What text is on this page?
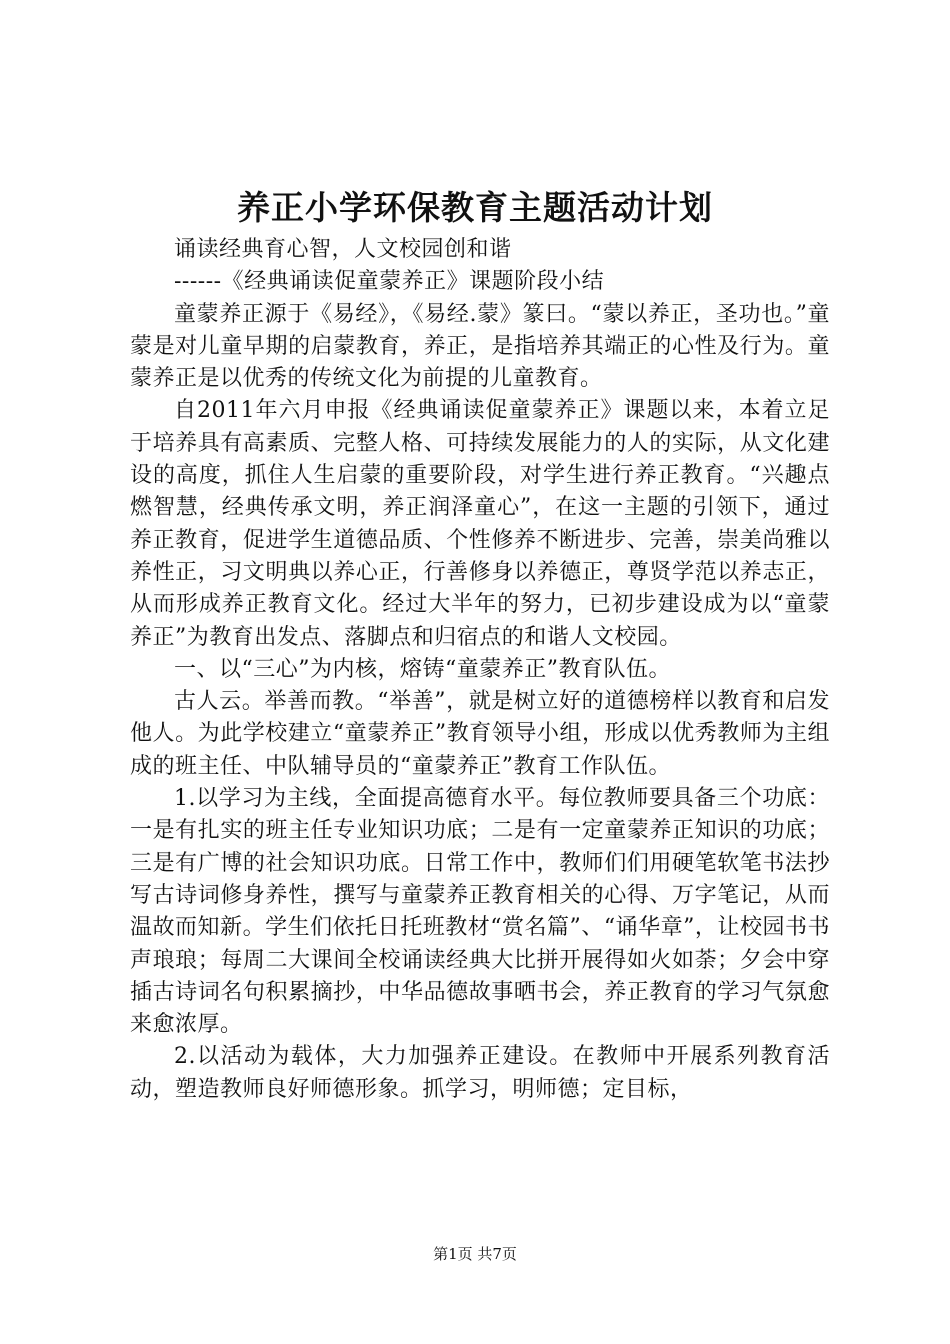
养正小学环保教育主题活动计划

诵读经典育心智，人文校园创和谐

------《经典诵读促童蒙养正》课题阶段小结

童蒙养正源于《易经》，《易经.蒙》篆曰。“蒙以养正，圣功也。”童蒙是对儿童早期的启蒙教育，养正，是指培养其端正的心性及行为。童蒙养正是以优秀的传统文化为前提的儿童教育。

自2011年六月申报《经典诵读促童蒙养正》课题以来，本着立足于培养具有高素质、完整人格、可持续发展能力的人的实际，从文化建设的高度，抓住人生启蒙的重要阶段，对学生进行养正教育。“兴趣点燃智慧，经典传承文明，养正润泽童心”，在这一主题的引领下，通过养正教育，促进学生道德品质、个性修养不断进步、完善，崇美尚雅以养性正，习文明典以养心正，行善修身以养德正，尊贤学范以养志正，从而形成养正教育文化。经过大半年的努力，已初步建设成为以“童蒙养正”为教育出发点、落脚点和归宿点的和谐人文校园。

一、以“三心”为内核，熔铸“童蒙养正”教育队伍。

古人云。举善而教。“举善”，就是树立好的道德榜样以教育和启发他人。为此学校建立“童蒙养正”教育领导小组，形成以优秀教师为主组成的班主任、中队辅导员的“童蒙养正”教育工作队伍。

1.以学习为主线，全面提高德育水平。每位教师要具备三个功底：一是有扎实的班主任专业知识功底；二是有一定童蒙养正知识的功底；三是有广博的社会知识功底。日常工作中，教师们们用硬笔软笔书法抄写古诗词修身养性，撰写与童蒙养正教育相关的心得、万字笔记，从而温故而知新。学生们依托日托班教材“赏名篇”、“诵华章”，让校园书书声琅琅；每周二大课间全校诵读经典大比拼开展得如火如荼；夕会中穿插古诗词名句积累摘抄，中华品德故事晒书会，养正教育的学习气氛愈来愈浓厚。

2.以活动为载体，大力加强养正建设。在教师中开展系列教育活动，塑造教师良好师德形象。抓学习，明师德；定目标，

第1页 共7页
